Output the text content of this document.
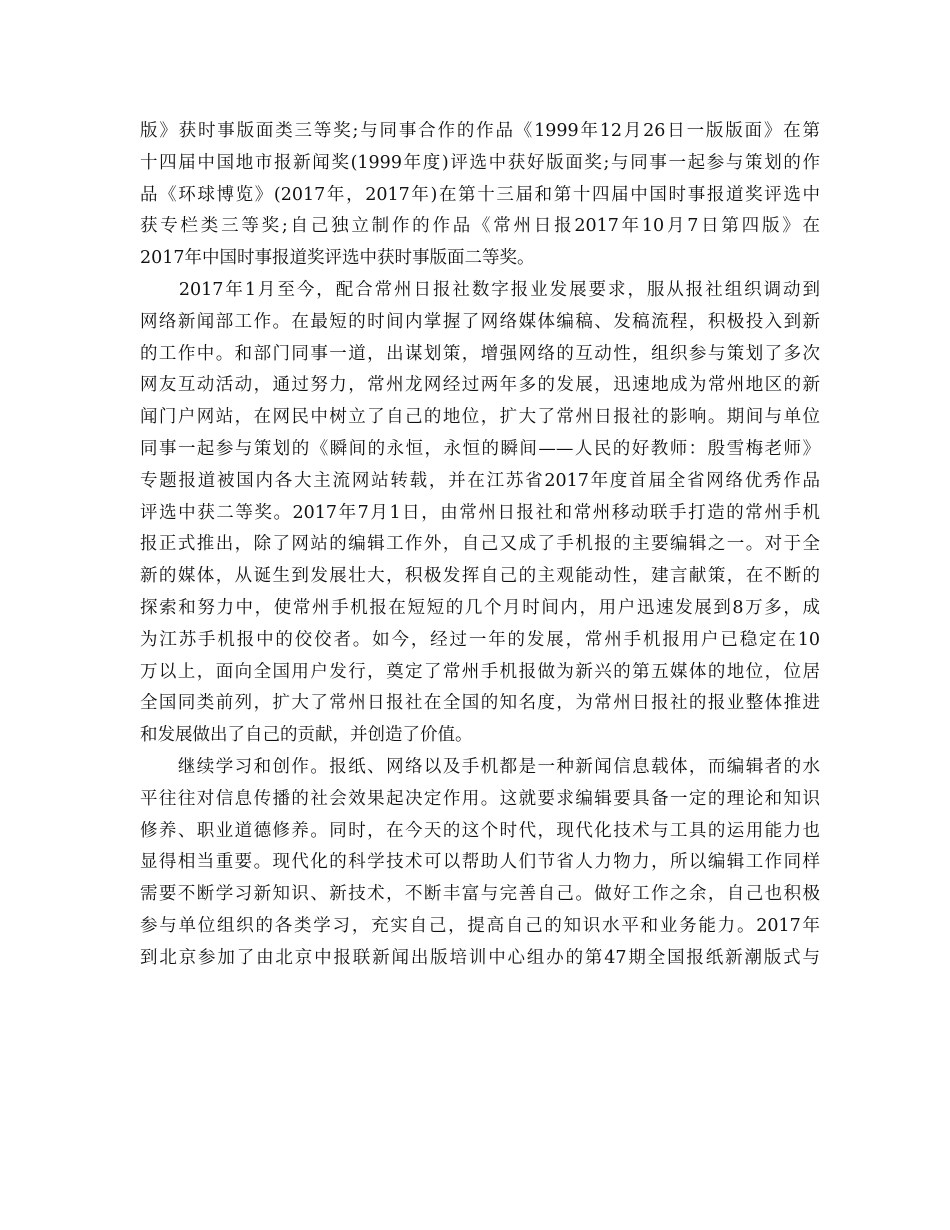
版》获时事版面类三等奖;与同事合作的作品《1999年12月26日一版版面》在第
十四届中国地市报新闻奖(1999年度)评选中获好版面奖;与同事一起参与策划的作
品《环球博览》(2017年，2017年)在第十三届和第十四届中国时事报道奖评选中
获专栏类三等奖;自己独立制作的作品《常州日报2017年10月7日第四版》在
2017年中国时事报道奖评选中获时事版面二等奖。
　　2017年1月至今，配合常州日报社数字报业发展要求，服从报社组织调动到
网络新闻部工作。在最短的时间内掌握了网络媒体编稿、发稿流程，积极投入到新
的工作中。和部门同事一道，出谋划策，增强网络的互动性，组织参与策划了多次
网友互动活动，通过努力，常州龙网经过两年多的发展，迅速地成为常州地区的新
闻门户网站，在网民中树立了自己的地位，扩大了常州日报社的影响。期间与单位
同事一起参与策划的《瞬间的永恒，永恒的瞬间——人民的好教师：殷雪梅老师》
专题报道被国内各大主流网站转载，并在江苏省2017年度首届全省网络优秀作品
评选中获二等奖。2017年7月1日，由常州日报社和常州移动联手打造的常州手机
报正式推出，除了网站的编辑工作外，自己又成了手机报的主要编辑之一。对于全
新的媒体，从诞生到发展壮大，积极发挥自己的主观能动性，建言献策，在不断的
探索和努力中，使常州手机报在短短的几个月时间内，用户迅速发展到8万多，成
为江苏手机报中的佼佼者。如今，经过一年的发展，常州手机报用户已稳定在10
万以上，面向全国用户发行，奠定了常州手机报做为新兴的第五媒体的地位，位居
全国同类前列，扩大了常州日报社在全国的知名度，为常州日报社的报业整体推进
和发展做出了自己的贡献，并创造了价值。
　　继续学习和创作。报纸、网络以及手机都是一种新闻信息载体，而编辑者的水
平往往对信息传播的社会效果起决定作用。这就要求编辑要具备一定的理论和知识
修养、职业道德修养。同时，在今天的这个时代，现代化技术与工具的运用能力也
显得相当重要。现代化的科学技术可以帮助人们节省人力物力，所以编辑工作同样
需要不断学习新知识、新技术，不断丰富与完善自己。做好工作之余，自己也积极
参与单位组织的各类学习，充实自己，提高自己的知识水平和业务能力。2017年
到北京参加了由北京中报联新闻出版培训中心组办的第47期全国报纸新潮版式与
